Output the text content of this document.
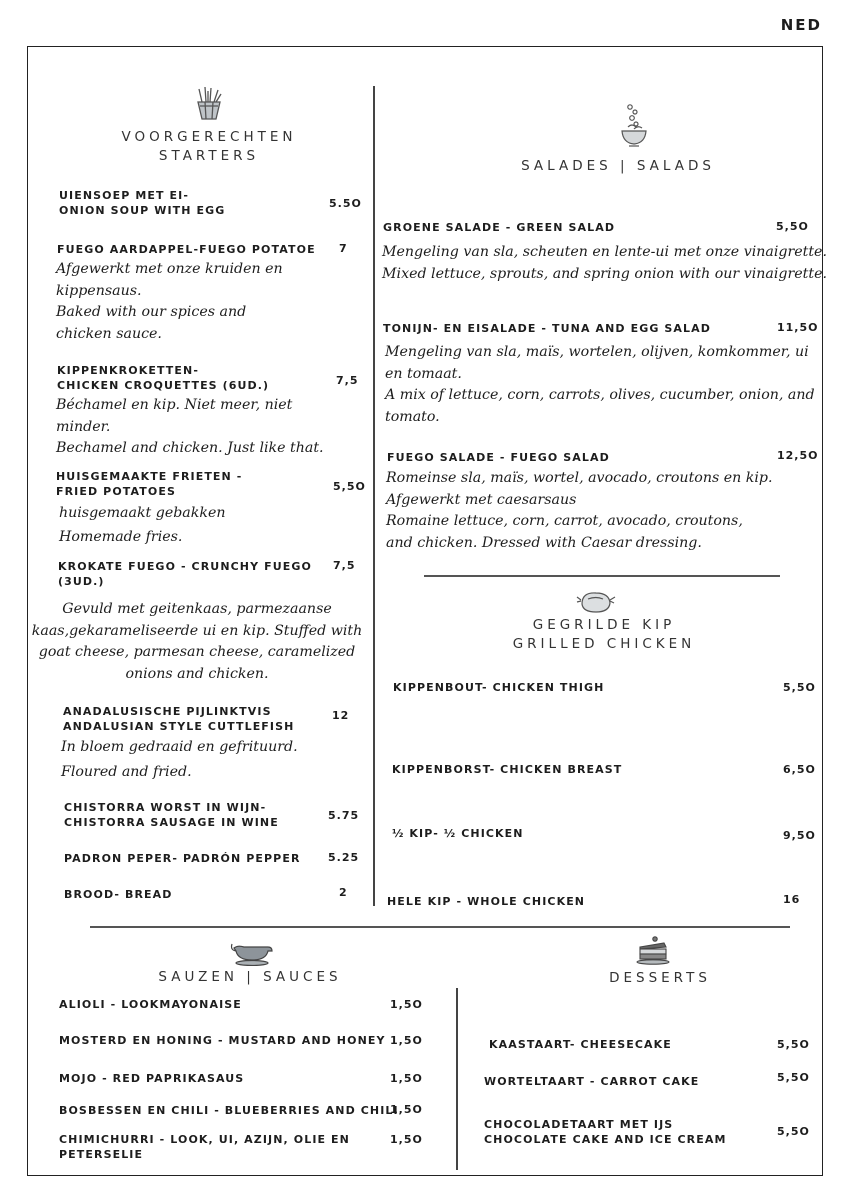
NED
VOORGERECHTEN
STARTERS
UIENSOEP MET EI-
ONION SOUP WITH EGG
5.5O
FUEGO AARDAPPEL-FUEGO POTATOE 7
Afgewerkt met onze kruiden en
kippensaus.
Baked with our spices and
chicken sauce.
KIPPENKROKETTEN-
CHICKEN CROQUETTES (6UD.)	7,5
Béchamel en kip. Niet meer, niet
minder.
Bechamel and chicken. Just like that.
HUISGEMAAKTE FRIETEN -
FRIED POTATOES	5,5O
huisgemaakt gebakken
Homemade fries.
KROKATE FUEGO - CRUNCHY FUEGO
(3UD.)
7,5
Gevuld met geitenkaas, parmezaanse
kaas,gekarameliseerde ui en kip. Stuffed with
goat cheese, parmesan cheese, caramelized
onions and chicken.
ANADALUSISCHE PIJLINKTVIS
ANDALUSIAN STYLE CUTTLEFISH
12
In bloem gedraaid en gefrituurd.
Floured and fried.
CHISTORRA WORST IN WIJN-
CHISTORRA SAUSAGE IN WINE
5.75
PADRON PEPER- PADRÓN PEPPER 5.25
BROOD- BREAD	2
SALADES | SALADS
GROENE SALADE - GREEN SALAD	5,5O
Mengeling van sla, scheuten en lente-ui met onze vinaigrette.
Mixed lettuce, sprouts, and spring onion with our vinaigrette.
TONIJN- EN EISALADE - TUNA AND EGG SALAD	11,5O
Mengeling van sla, maïs, wortelen, olijven, komkommer, ui
en tomaat.
A mix of lettuce, corn, carrots, olives, cucumber, onion, and
tomato.
FUEGO SALADE - FUEGO SALAD	12,5O
Romeinse sla, maïs, wortel, avocado, croutons en kip.
Afgewerkt met caesarsaus
Romaine lettuce, corn, carrot, avocado, croutons,
and chicken. Dressed with Caesar dressing.
GEGRILDE KIP
GRILLED CHICKEN
KIPPENBOUT- CHICKEN THIGH	5,5O
KIPPENBORST- CHICKEN BREAST	6,5O
½ KIP- ½ CHICKEN	9,5O
HELE KIP - WHOLE CHICKEN	16
SAUZEN | SAUCES
ALIOLI - LOOKMAYONAISE	1,5O
MOSTERD EN HONING - MUSTARD AND HONEY 1,5O
MOJO - RED PAPRIKASAUS	1,5O
BOSBESSEN EN CHILI - BLUEBERRIES AND CHILI
1,5O
CHIMICHURRI - LOOK, UI, AZIJN, OLIE EN
PETERSELIE
1,5O
DESSERTS
KAASTAART- CHEESECAKE	5,5O
WORTELTAART - CARROT CAKE	5,5O
CHOCOLADETAART MET IJS
CHOCOLATE CAKE AND ICE CREAM
5,5O
